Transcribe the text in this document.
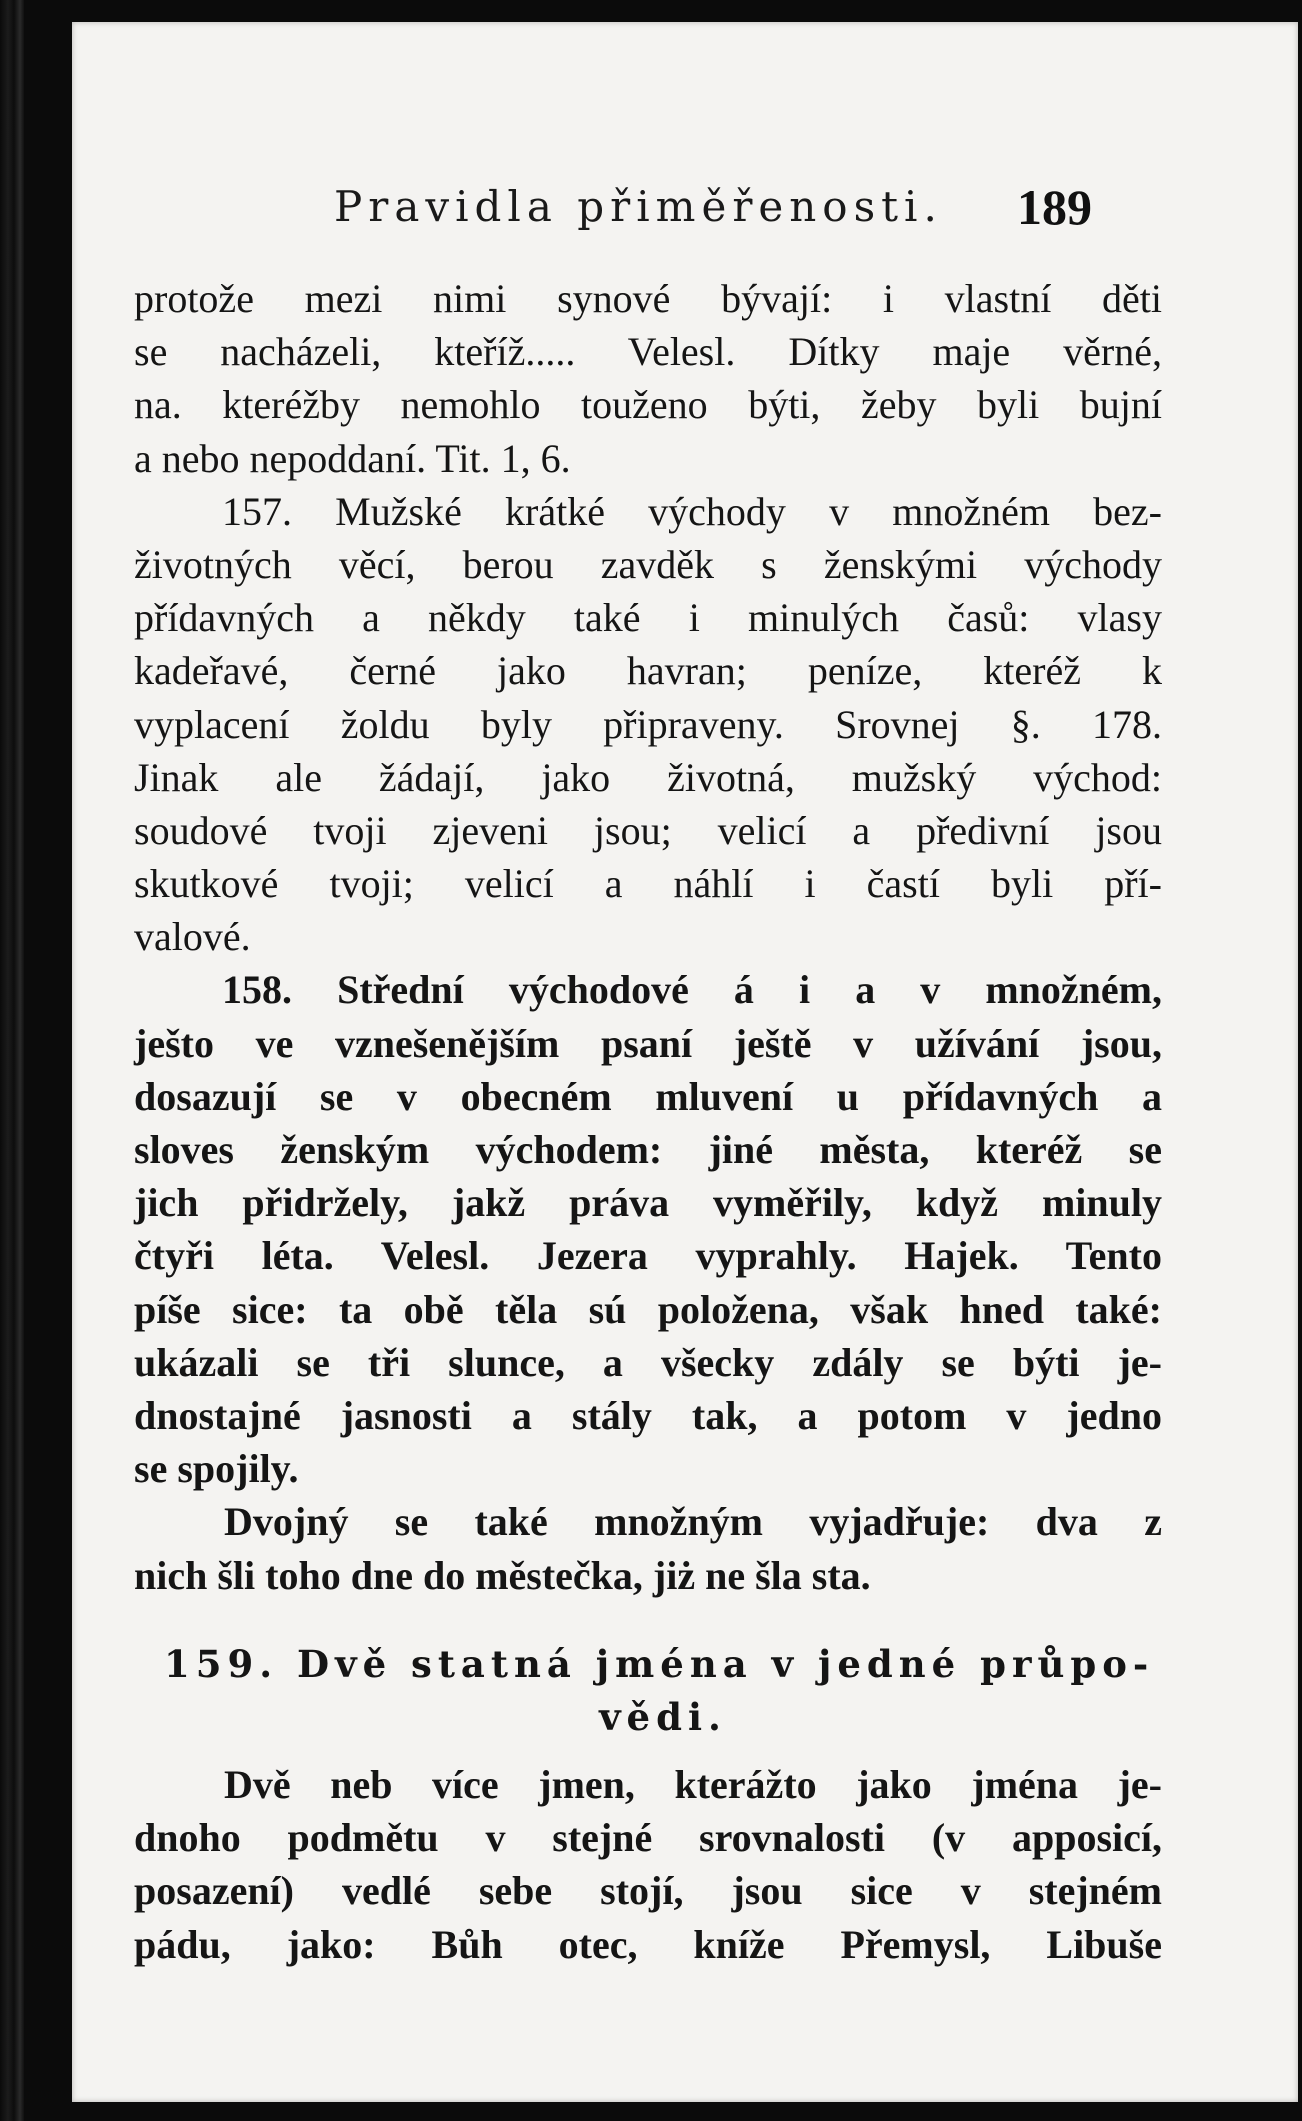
Pravidla přiměřenosti. 189
protože mezi nimi synové bývají: i vlastní děti
se nacházeli, kteříž..... Velesl. Dítky maje věrné,
na. kteréžby nemohlo touženo býti, žeby byli bujní
a nebo nepoddaní. Tit. 1, 6.
157. Mužské krátké východy v množném bez-
životných věcí, berou zavděk s ženskými východy
přídavných a někdy také i minulých časů: vlasy
kadeřavé, černé jako havran; peníze, kteréž k
vyplacení žoldu byly připraveny. Srovnej §. 178.
Jinak ale žádají, jako životná, mužský východ:
soudové tvoji zjeveni jsou; velicí a předivní jsou
skutkové tvoji; velicí a náhlí i častí byli pří-
valové.
158. Střední východové á i a v množném,
ješto ve vznešenějším psaní ještě v užívání jsou,
dosazují se v obecném mluvení u přídavných a
sloves ženským východem: jiné města, kteréž se
jich přidržely, jakž práva vyměřily, když minuly
čtyři léta. Velesl. Jezera vyprahly. Hajek. Tento
píše sice: ta obě těla sú položena, však hned také:
ukázali se tři slunce, a všecky zdály se býti je-
dnostajné jasnosti a stály tak, a potom v jedno
se spojily.
Dvojný se také množným vyjadřuje: dva z
nich šli toho dne do městečka, jiż ne šla sta.
159. Dvě statná jména v jedné průpo-
vědi.
Dvě neb více jmen, kterážto jako jména je-
dnoho podmětu v stejné srovnalosti (v apposicí,
posazení) vedlé sebe stojí, jsou sice v stejném
pádu, jako: Bůh otec, kníže Přemysl, Libuše
